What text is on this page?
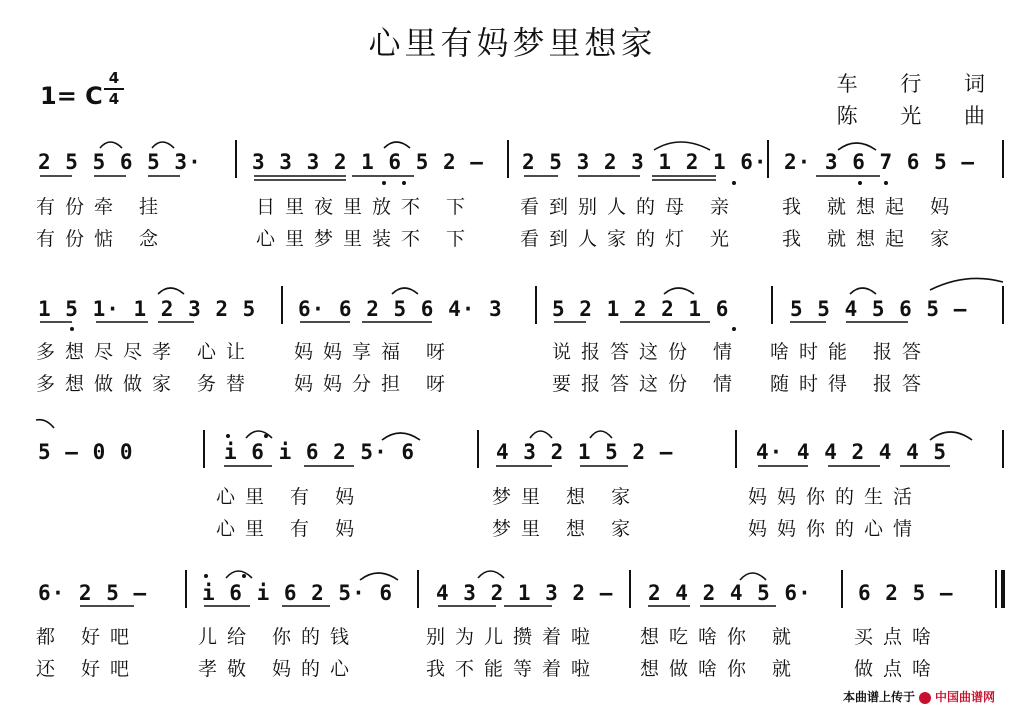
心里有妈梦里想家
1= C
4
4
车 行 词
陈 光 曲
2 5 5 6 5 3· 3 3 3 2 1 6 5 2 – 2 5 3 2 3 1 2 1 6· 2· 3 6 7 6 5 –
有份牵 挂	日里夜里放不 下 看到别人的母 亲 我 就想起 妈
有份惦 念	心里梦里装不 下 看到人家的灯 光 我 就想起 家
1 5 1· 1 2 3 2 5 6· 6 2 5 6 4· 3 5 2 1 2 2 1 6	5 5 4 5 6 5 –
多想尽尽孝 心让 妈妈享福 呀	说报答这份 情 啥时能 报答
多想做做家 务替 妈妈分担 呀	要报答这份 情 随时得 报答
5 – 0 0	i 6 i 6 2 5· 6	4 3 2 1 5 2 –	4· 4 4 2 4 4 5
心里 有 妈	梦里 想 家	妈妈你的生活
心里 有 妈	梦里 想 家	妈妈你的心情
6· 2 5 –	i 6 i 6 2 5· 6 4 3 2 1 3 2 – 2 4 2 4 5 6· 6 2 5 –
都 好吧	儿给 你的钱	别为儿攒着啦 想吃啥你 就	买点啥
还 好吧	孝敬 妈的心	我不能等着啦 想做啥你 就	做点啥
本曲谱上传于 中国曲谱网
